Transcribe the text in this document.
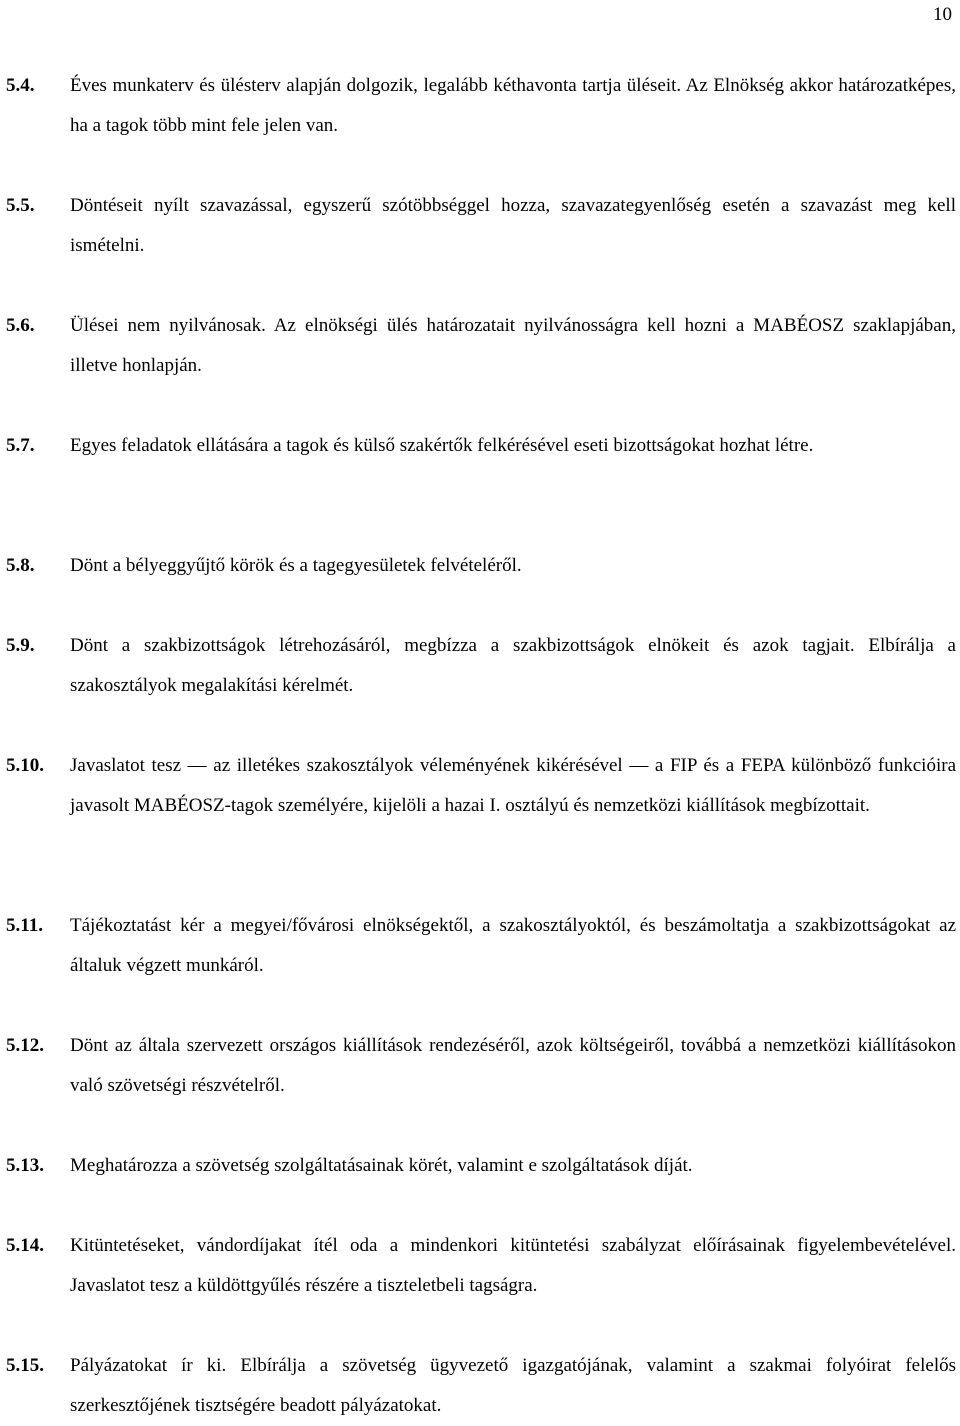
10
5.4. Éves munkaterv és ülésterv alapján dolgozik, legalább kéthavonta tartja üléseit. Az Elnökség akkor határozatképes, ha a tagok több mint fele jelen van.
5.5. Döntéseit nyílt szavazással, egyszerű szótöbbséggel hozza, szavazategyenlőség esetén a szavazást meg kell ismételni.
5.6. Ülései nem nyilvánosak. Az elnökségi ülés határozatait nyilvánosságra kell hozni a MABÉOSZ szaklapjában, illetve honlapján.
5.7. Egyes feladatok ellátására a tagok és külső szakértők felkérésével eseti bizottságokat hozhat létre.
5.8. Dönt a bélyeggyűjtő körök és a tagegyesületek felvételéről.
5.9. Dönt a szakbizottságok létrehozásáról, megbízza a szakbizottságok elnökeit és azok tagjait. Elbírálja a szakosztályok megalakítási kérelmét.
5.10. Javaslatot tesz ― az illetékes szakosztályok véleményének kikérésével ― a FIP és a FEPA különböző funkcióira javasolt MABÉOSZ-tagok személyére, kijelöli a hazai I. osztályú és nemzetközi kiállítások megbízottait.
5.11. Tájékoztatást kér a megyei/fővárosi elnökségektől, a szakosztályoktól, és beszámoltatja a szakbizottságokat az általuk végzett munkáról.
5.12. Dönt az általa szervezett országos kiállítások rendezéséről, azok költségeiről, továbbá a nemzetközi kiállításokon való szövetségi részvételről.
5.13. Meghatározza a szövetség szolgáltatásainak körét, valamint e szolgáltatások díját.
5.14. Kitüntetéseket, vándordíjakat ítél oda a mindenkori kitüntetési szabályzat előírásainak figyelembevételével. Javaslatot tesz a küldöttgyűlés részére a tiszteletbeli tagságra.
5.15. Pályázatokat ír ki. Elbírálja a szövetség ügyvezető igazgatójának, valamint a szakmai folyóirat felelős szerkesztőjének tisztségére beadott pályázatokat.
